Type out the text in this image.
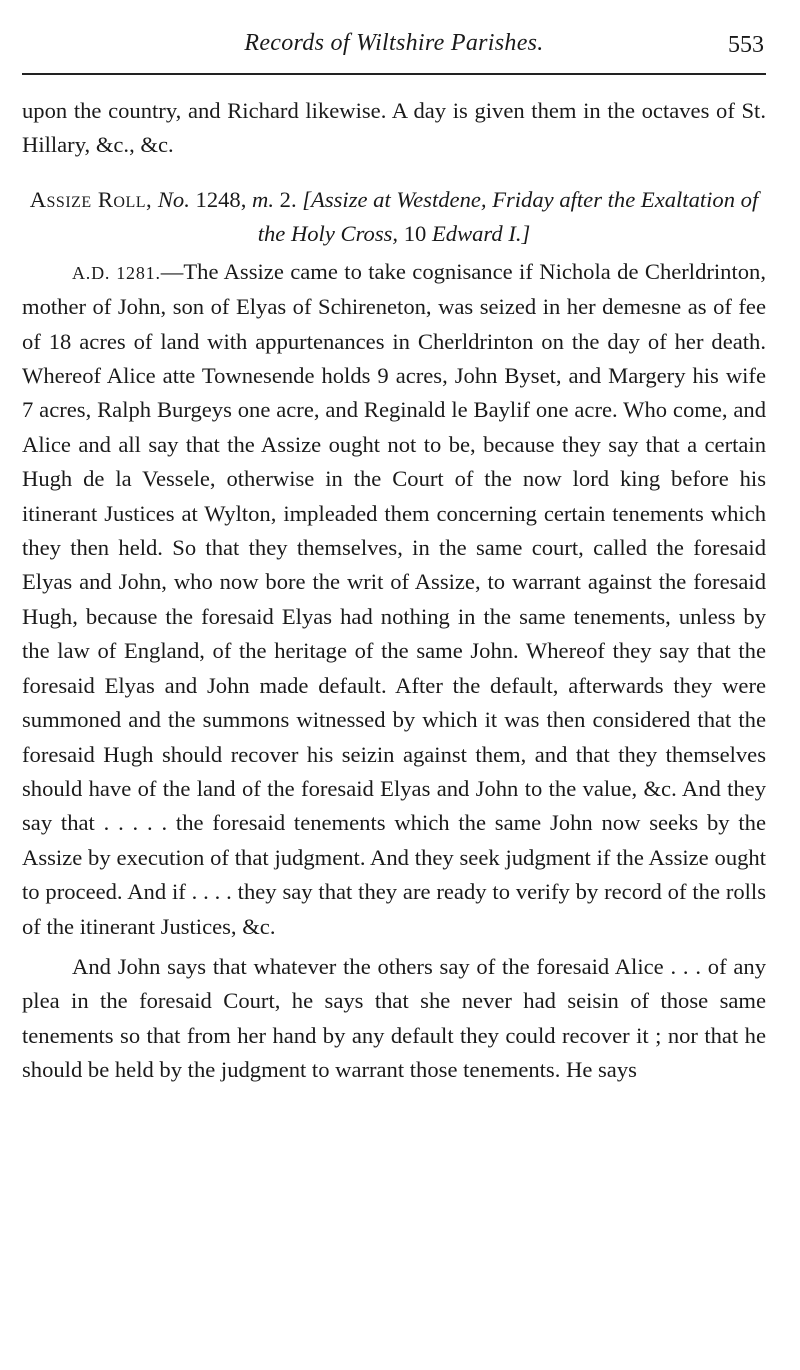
Records of Wiltshire Parishes.	553

upon the country, and Richard likewise. A day is given them in the octaves of St. Hillary, &c., &c.

Assize Roll, No. 1248, m. 2. [Assize at Westdene, Friday after the Exaltation of the Holy Cross, 10 Edward I.]

A.D. 1281.—The Assize came to take cognisance if Nichola de Cherldrinton, mother of John, son of Elyas of Schireneton, was seized in her demesne as of fee of 18 acres of land with appurtenances in Cherldrinton on the day of her death. Whereof Alice atte Townesende holds 9 acres, John Byset, and Margery his wife 7 acres, Ralph Burgeys one acre, and Reginald le Baylif one acre. Who come, and Alice and all say that the Assize ought not to be, because they say that a certain Hugh de la Vessele, otherwise in the Court of the now lord king before his itinerant Justices at Wylton, impleaded them concerning certain tenements which they then held. So that they themselves, in the same court, called the foresaid Elyas and John, who now bore the writ of Assize, to warrant against the foresaid Hugh, because the foresaid Elyas had nothing in the same tenements, unless by the law of England, of the heritage of the same John. Whereof they say that the foresaid Elyas and John made default. After the default, afterwards they were summoned and the summons witnessed by which it was then considered that the foresaid Hugh should recover his seizin against them, and that they themselves should have of the land of the foresaid Elyas and John to the value, &c. And they say that . . . . . the foresaid tenements which the same John now seeks by the Assize by execution of that judgment. And they seek judgment if the Assize ought to proceed. And if . . . . they say that they are ready to verify by record of the rolls of the itinerant Justices, &c.

And John says that whatever the others say of the foresaid Alice . . . of any plea in the foresaid Court, he says that she never had seisin of those same tenements so that from her hand by any default they could recover it ; nor that he should be held by the judgment to warrant those tenements. He says
